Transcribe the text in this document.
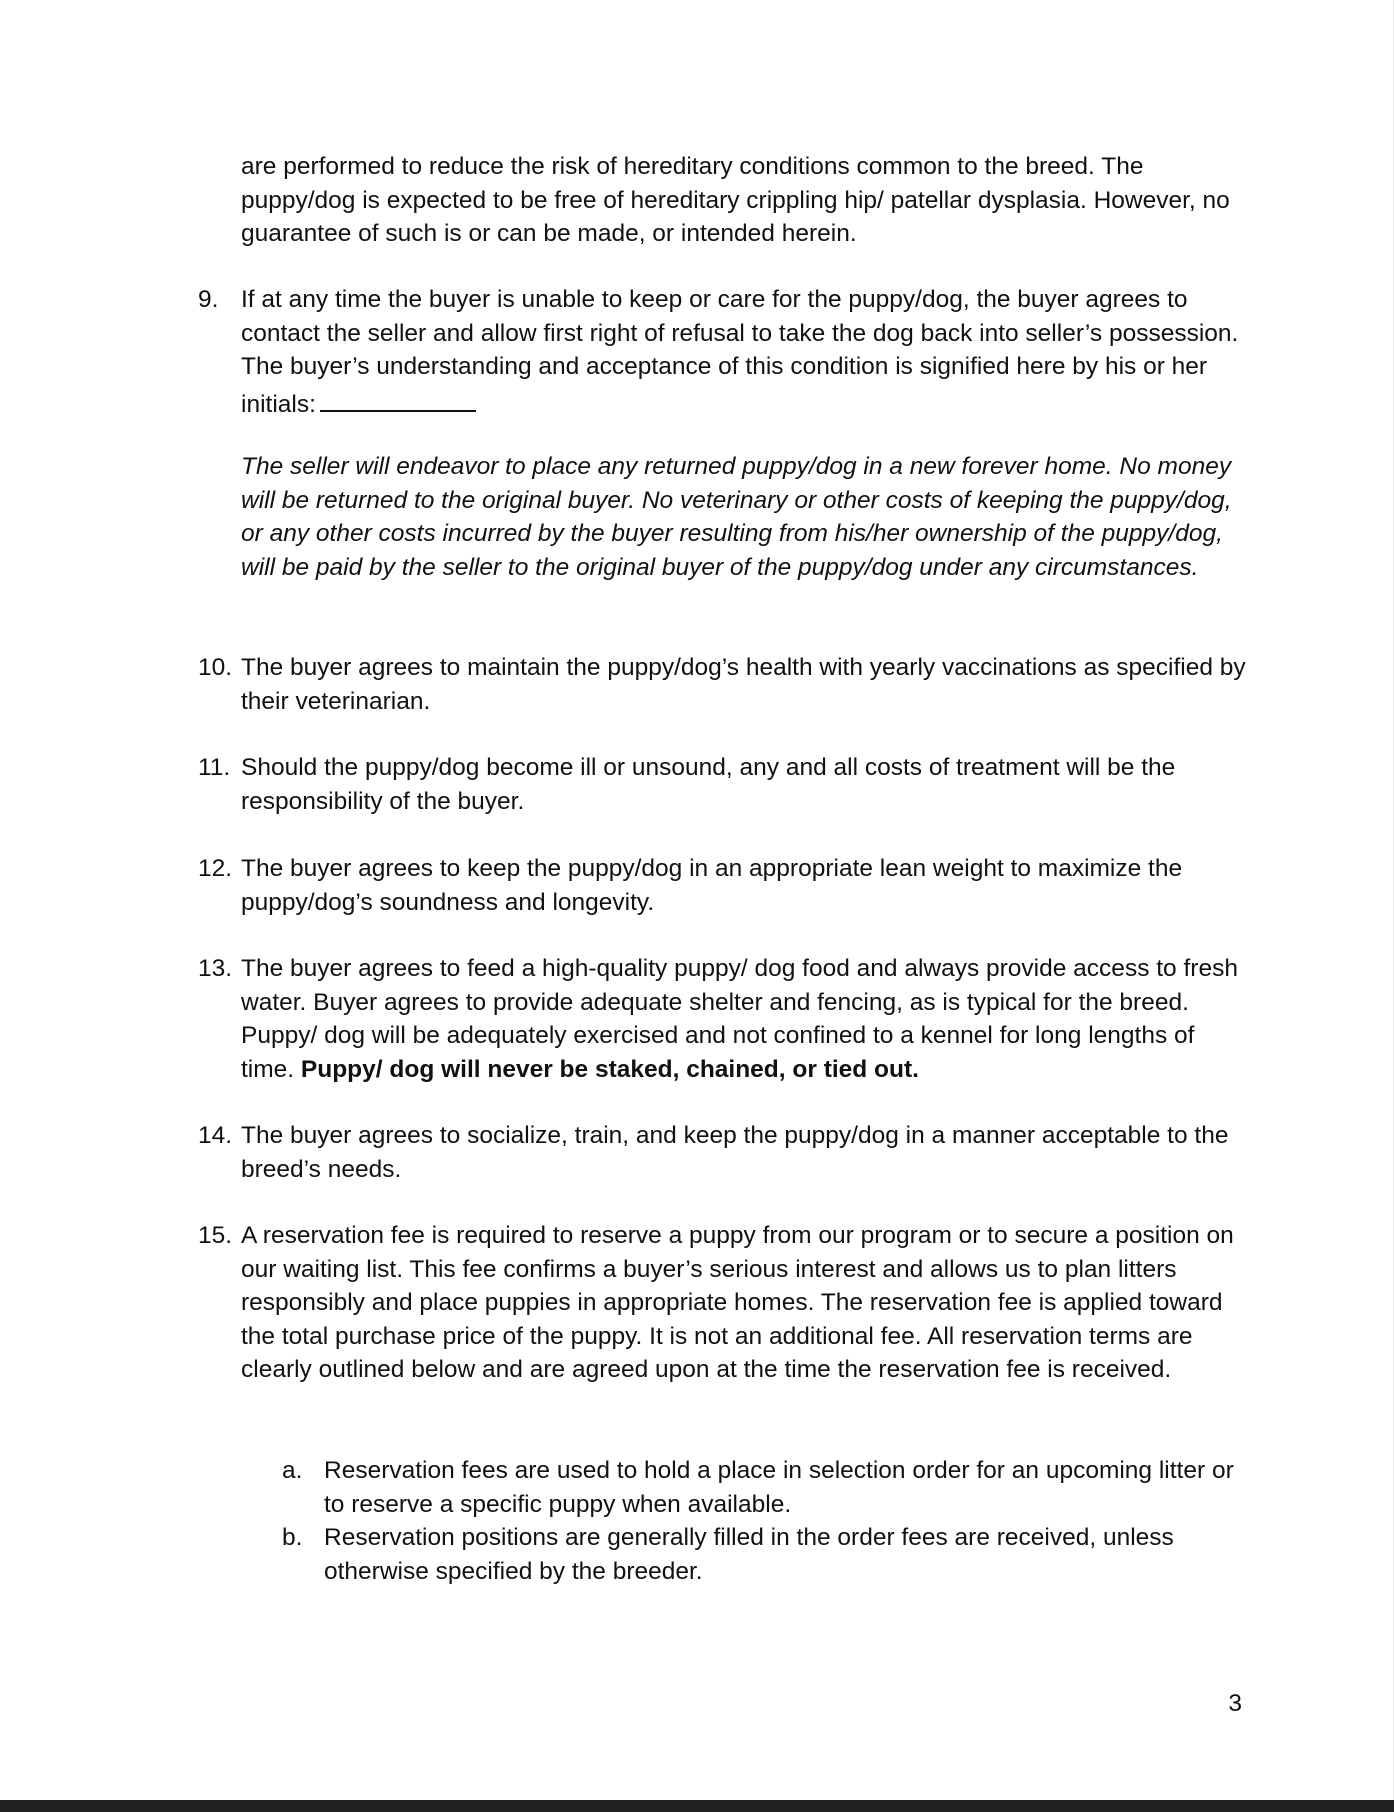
are performed to reduce the risk of hereditary conditions common to the breed. The puppy/dog is expected to be free of hereditary crippling hip/ patellar dysplasia. However, no guarantee of such is or can be made, or intended herein.

9. If at any time the buyer is unable to keep or care for the puppy/dog, the buyer agrees to contact the seller and allow first right of refusal to take the dog back into seller’s possession. The buyer’s understanding and acceptance of this condition is signified here by his or her initials:

The seller will endeavor to place any returned puppy/dog in a new forever home. No money will be returned to the original buyer. No veterinary or other costs of keeping the puppy/dog, or any other costs incurred by the buyer resulting from his/her ownership of the puppy/dog, will be paid by the seller to the original buyer of the puppy/dog under any circumstances.

10. The buyer agrees to maintain the puppy/dog’s health with yearly vaccinations as specified by their veterinarian.
11. Should the puppy/dog become ill or unsound, any and all costs of treatment will be the responsibility of the buyer.
12. The buyer agrees to keep the puppy/dog in an appropriate lean weight to maximize the puppy/dog’s soundness and longevity.
13. The buyer agrees to feed a high-quality puppy/ dog food and always provide access to fresh water. Buyer agrees to provide adequate shelter and fencing, as is typical for the breed. Puppy/ dog will be adequately exercised and not confined to a kennel for long lengths of time. Puppy/ dog will never be staked, chained, or tied out.
14. The buyer agrees to socialize, train, and keep the puppy/dog in a manner acceptable to the breed’s needs.
15. A reservation fee is required to reserve a puppy from our program or to secure a position on our waiting list. This fee confirms a buyer’s serious interest and allows us to plan litters responsibly and place puppies in appropriate homes. The reservation fee is applied toward the total purchase price of the puppy. It is not an additional fee. All reservation terms are clearly outlined below and are agreed upon at the time the reservation fee is received.
a. Reservation fees are used to hold a place in selection order for an upcoming litter or to reserve a specific puppy when available.
b. Reservation positions are generally filled in the order fees are received, unless otherwise specified by the breeder.
3
